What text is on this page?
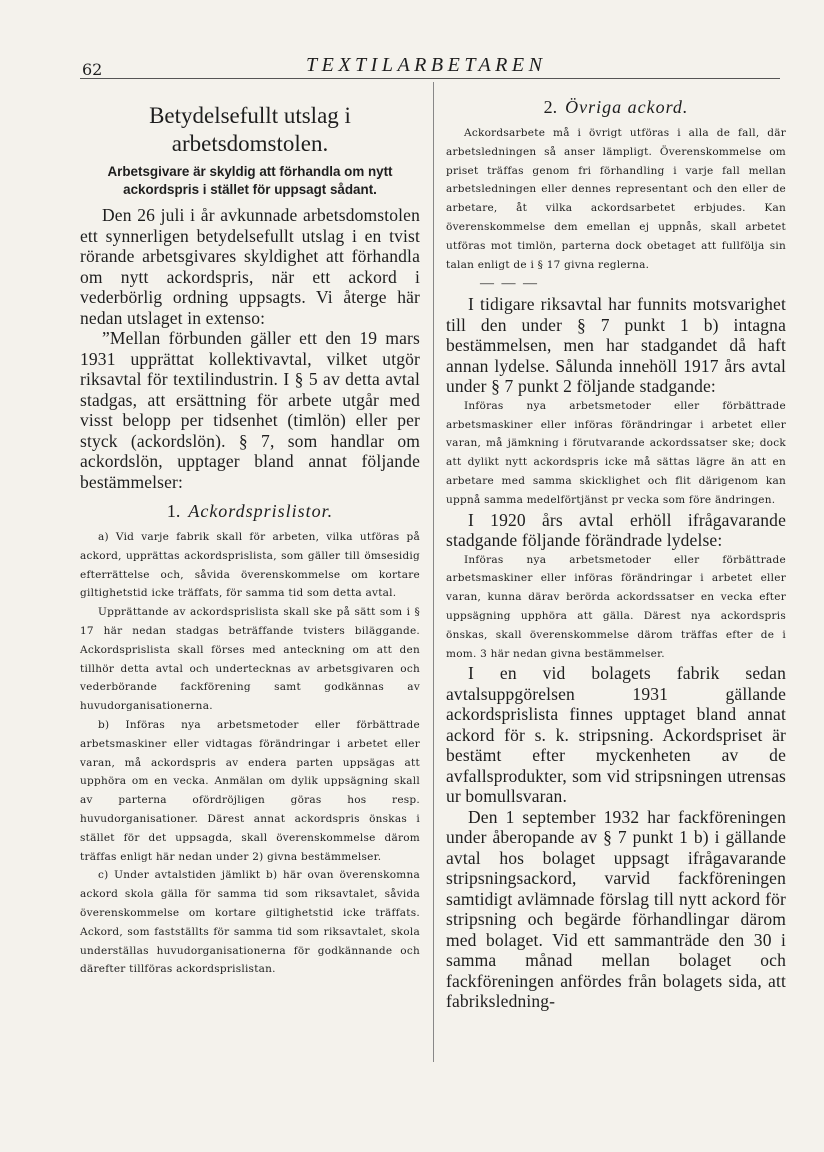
62	TEXTILARBETAREN

Betydelsefullt utslag i arbetsdomstolen.

Arbetsgivare är skyldig att förhandla om nytt ackordspris i stället för uppsagt sådant.

Den 26 juli i år avkunnade arbetsdomstolen ett synnerligen betydelsefullt utslag i en tvist rörande arbetsgivares skyldighet att förhandla om nytt ackordspris, när ett ackord i vederbörlig ordning uppsagts. Vi återge här nedan utslaget in extenso:

”Mellan förbunden gäller ett den 19 mars 1931 upprättat kollektivavtal, vilket utgör riksavtal för textilindustrin. I § 5 av detta avtal stadgas, att ersättning för arbete utgår med visst belopp per tidsenhet (timlön) eller per styck (ackordslön). § 7, som handlar om ackordslön, upptager bland annat följande bestämmelser:

1. Ackordsprislistor.

a) Vid varje fabrik skall för arbeten, vilka utföras på ackord, upprättas ackordsprislista, som gäller till ömsesidig efterrättelse och, såvida överenskommelse om kortare giltighetstid icke träffats, för samma tid som detta avtal.

Upprättande av ackordsprislista skall ske på sätt som i § 17 här nedan stadgas beträffande tvisters biläggande. Ackordsprislista skall förses med anteckning om att den tillhör detta avtal och undertecknas av arbetsgivaren och vederbörande fackförening samt godkännas av huvudorganisationerna.

b) Införas nya arbetsmetoder eller förbättrade arbetsmaskiner eller vidtagas förändringar i arbetet eller varan, må ackordspris av endera parten uppsägas att upphöra om en vecka. Anmälan om dylik uppsägning skall av parterna ofördröjligen göras hos resp. huvudorganisationer. Därest annat ackordspris önskas i stället för det uppsagda, skall överenskommelse därom träffas enligt här nedan under 2) givna bestämmelser.

c) Under avtalstiden jämlikt b) här ovan överenskomna ackord skola gälla för samma tid som riksavtalet, såvida överenskommelse om kortare giltighetstid icke träffats. Ackord, som fastställts för samma tid som riksavtalet, skola underställas huvudorganisationerna för godkännande och därefter tillföras ackordsprislistan.

2. Övriga ackord.

Ackordsarbete må i övrigt utföras i alla de fall, där arbetsledningen så anser lämpligt. Överenskommelse om priset träffas genom fri förhandling i varje fall mellan arbetsledningen eller dennes representant och den eller de arbetare, åt vilka ackordsarbetet erbjudes. Kan överenskommelse dem emellan ej uppnås, skall arbetet utföras mot timlön, parterna dock obetaget att fullfölja sin talan enligt de i § 17 givna reglerna.

— — —

I tidigare riksavtal har funnits motsvarighet till den under § 7 punkt 1 b) intagna bestämmelsen, men har stadgandet då haft annan lydelse. Sålunda innehöll 1917 års avtal under § 7 punkt 2 följande stadgande:

Införas nya arbetsmetoder eller förbättrade arbetsmaskiner eller införas förändringar i arbetet eller varan, må jämkning i förutvarande ackordssatser ske; dock att dylikt nytt ackordspris icke må sättas lägre än att en arbetare med samma skicklighet och flit därigenom kan uppnå samma medelförtjänst pr vecka som före ändringen.

I 1920 års avtal erhöll ifrågavarande stadgande följande förändrade lydelse:

Införas nya arbetsmetoder eller förbättrade arbetsmaskiner eller införas förändringar i arbetet eller varan, kunna därav berörda ackordssatser en vecka efter uppsägning upphöra att gälla. Därest nya ackordspris önskas, skall överenskommelse därom träffas efter de i mom. 3 här nedan givna bestämmelser.

I en vid bolagets fabrik sedan avtalsuppgörelsen 1931 gällande ackordsprislista finnes upptaget bland annat ackord för s. k. stripsning. Ackordspriset är bestämt efter myckenheten av de avfallsprodukter, som vid stripsningen utrensas ur bomullsvaran.

Den 1 september 1932 har fackföreningen under åberopande av § 7 punkt 1 b) i gällande avtal hos bolaget uppsagt ifrågavarande stripsningsackord, varvid fackföreningen samtidigt avlämnade förslag till nytt ackord för stripsning och begärde förhandlingar därom med bolaget. Vid ett sammanträde den 30 i samma månad mellan bolaget och fackföreningen anfördes från bolagets sida, att fabriksledning-
